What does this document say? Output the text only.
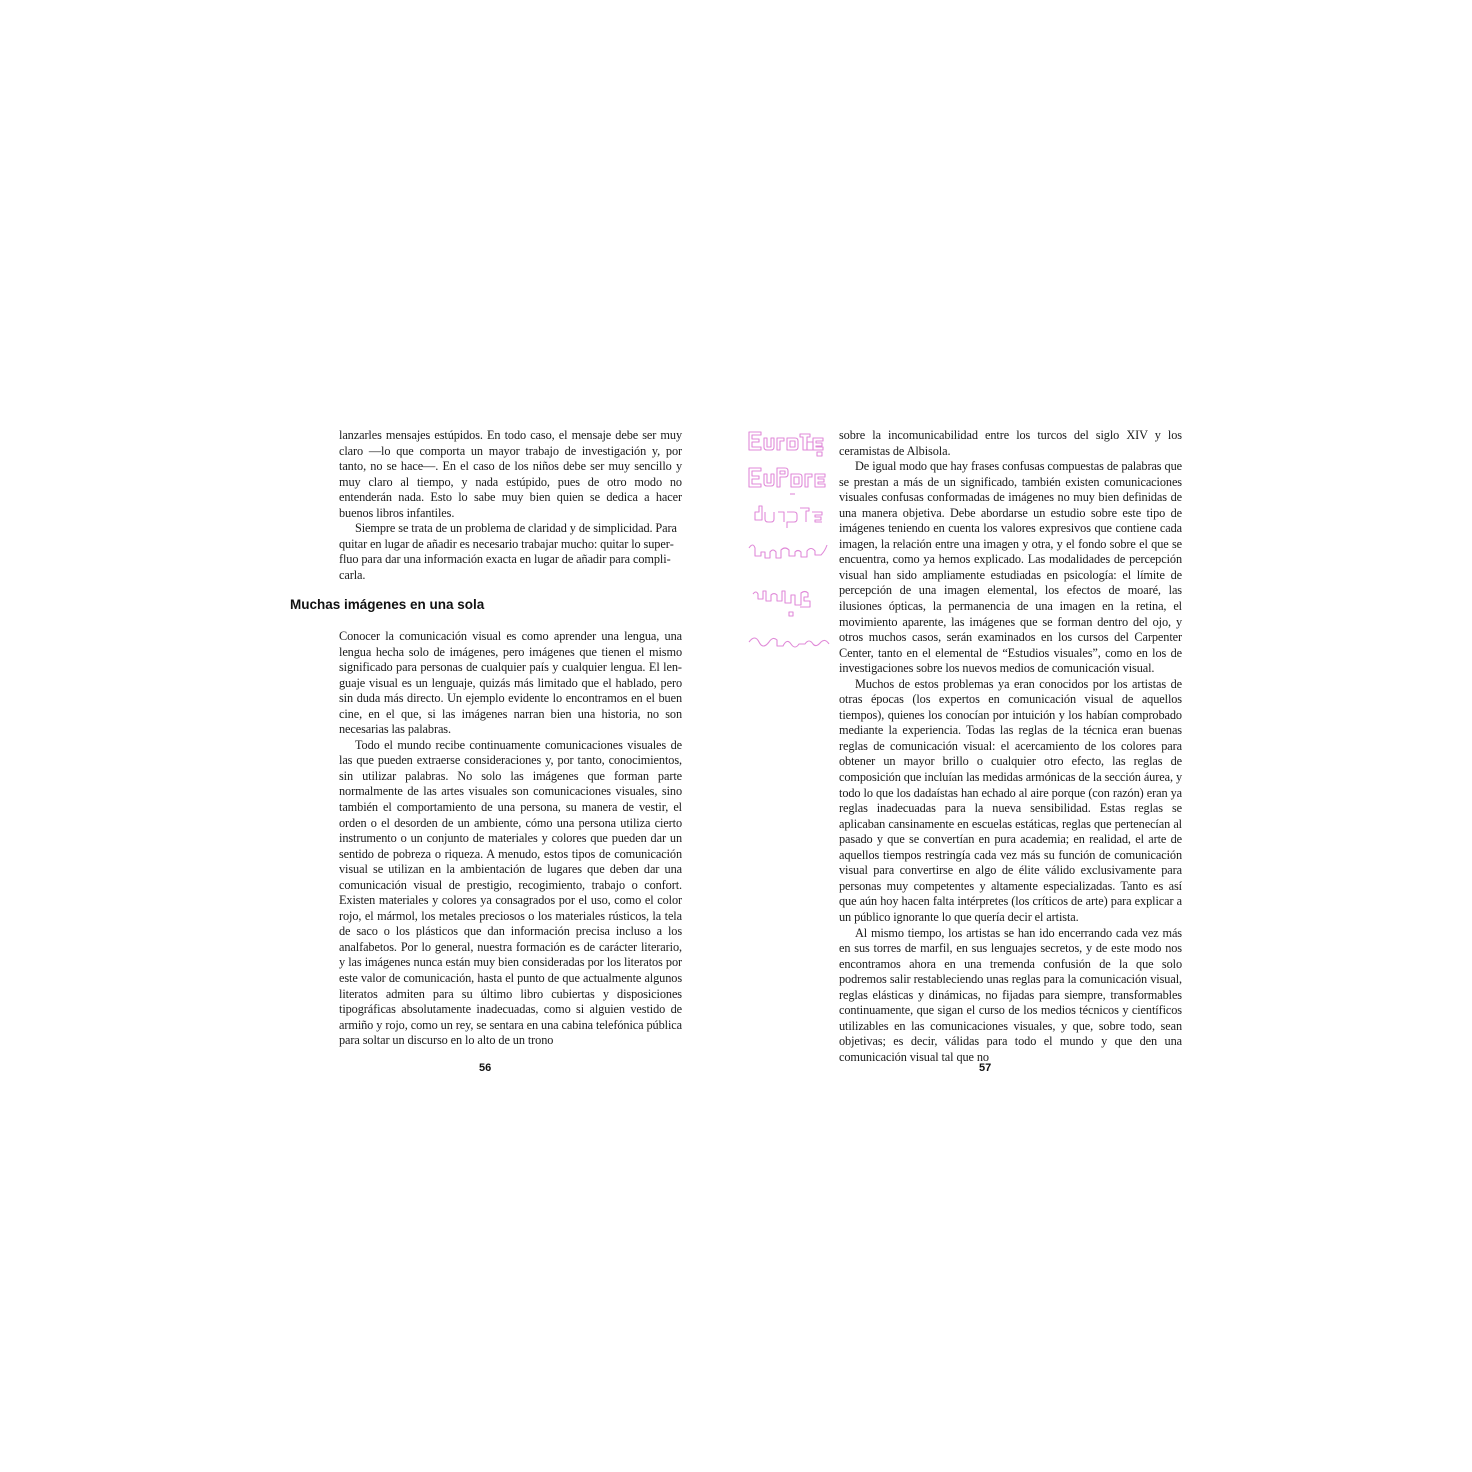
lanzarles mensajes estúpidos. En todo caso, el mensaje debe ser muy claro —lo que comporta un mayor trabajo de investigación y, por tanto, no se hace—. En el caso de los niños debe ser muy sencillo y muy claro al tiempo, y nada estúpido, pues de otro modo no entenderán nada. Esto lo sabe muy bien quien se dedica a hacer buenos libros infantiles.

Siempre se trata de un problema de claridad y de simplicidad. Para quitar en lugar de añadir es necesario trabajar mucho: quitar lo superfluo para dar una información exacta en lugar de añadir para complicarla.

Muchas imágenes en una sola

Conocer la comunicación visual es como aprender una lengua, una lengua hecha solo de imágenes, pero imágenes que tienen el mismo significado para personas de cualquier país y cualquier lengua. El lenguaje visual es un lenguaje, quizás más limitado que el hablado, pero sin duda más directo. Un ejemplo evidente lo encontramos en el buen cine, en el que, si las imágenes narran bien una historia, no son necesarias las palabras.

Todo el mundo recibe continuamente comunicaciones visuales de las que pueden extraerse consideraciones y, por tanto, conocimientos, sin utilizar palabras. No solo las imágenes que forman parte normalmente de las artes visuales son comunicaciones visuales, sino también el comportamiento de una persona, su manera de vestir, el orden o el desorden de un ambiente, cómo una persona utiliza cierto instrumento o un conjunto de materiales y colores que pueden dar un sentido de pobreza o riqueza. A menudo, estos tipos de comunicación visual se utilizan en la ambientación de lugares que deben dar una comunicación visual de prestigio, recogimiento, trabajo o confort. Existen materiales y colores ya consagrados por el uso, como el color rojo, el mármol, los metales preciosos o los materiales rústicos, la tela de saco o los plásticos que dan información precisa incluso a los analfabetos. Por lo general, nuestra formación es de carácter literario, y las imágenes nunca están muy bien consideradas por los literatos por este valor de comunicación, hasta el punto de que actualmente algunos literatos admiten para su último libro cubiertas y disposiciones tipográficas absolutamente inadecuadas, como si alguien vestido de armiño y rojo, como un rey, se sentara en una cabina telefónica pública para soltar un discurso en lo alto de un trono

56

sobre la incomunicabilidad entre los turcos del siglo XIV y los ceramistas de Albisola.

De igual modo que hay frases confusas compuestas de palabras que se prestan a más de un significado, también existen comunicaciones visuales confusas conformadas de imágenes no muy bien definidas de una manera objetiva. Debe abordarse un estudio sobre este tipo de imágenes teniendo en cuenta los valores expresivos que contiene cada imagen, la relación entre una imagen y otra, y el fondo sobre el que se encuentra, como ya hemos explicado. Las modalidades de percepción visual han sido ampliamente estudiadas en psicología: el límite de percepción de una imagen elemental, los efectos de moaré, las ilusiones ópticas, la permanencia de una imagen en la retina, el movimiento aparente, las imágenes que se forman dentro del ojo, y otros muchos casos, serán examinados en los cursos del Carpenter Center, tanto en el elemental de “Estudios visuales”, como en los de investigaciones sobre los nuevos medios de comunicación visual.

Muchos de estos problemas ya eran conocidos por los artistas de otras épocas (los expertos en comunicación visual de aquellos tiempos), quienes los conocían por intuición y los habían comprobado mediante la experiencia. Todas las reglas de la técnica eran buenas reglas de comunicación visual: el acercamiento de los colores para obtener un mayor brillo o cualquier otro efecto, las reglas de composición que incluían las medidas armónicas de la sección áurea, y todo lo que los dadaístas han echado al aire porque (con razón) eran ya reglas inadecuadas para la nueva sensibilidad. Estas reglas se aplicaban cansinamente en escuelas estáticas, reglas que pertenecían al pasado y que se convertían en pura academia; en realidad, el arte de aquellos tiempos restringía cada vez más su función de comunicación visual para convertirse en algo de élite válido exclusivamente para personas muy competentes y altamente especializadas. Tanto es así que aún hoy hacen falta intérpretes (los críticos de arte) para explicar a un público ignorante lo que quería decir el artista.

Al mismo tiempo, los artistas se han ido encerrando cada vez más en sus torres de marfil, en sus lenguajes secretos, y de este modo nos encontramos ahora en una tremenda confusión de la que solo podremos salir restableciendo unas reglas para la comunicación visual, reglas elásticas y dinámicas, no fijadas para siempre, transformables continuamente, que sigan el curso de los medios técnicos y científicos utilizables en las comunicaciones visuales, y que, sobre todo, sean objetivas; es decir, válidas para todo el mundo y que den una comunicación visual tal que no

57
